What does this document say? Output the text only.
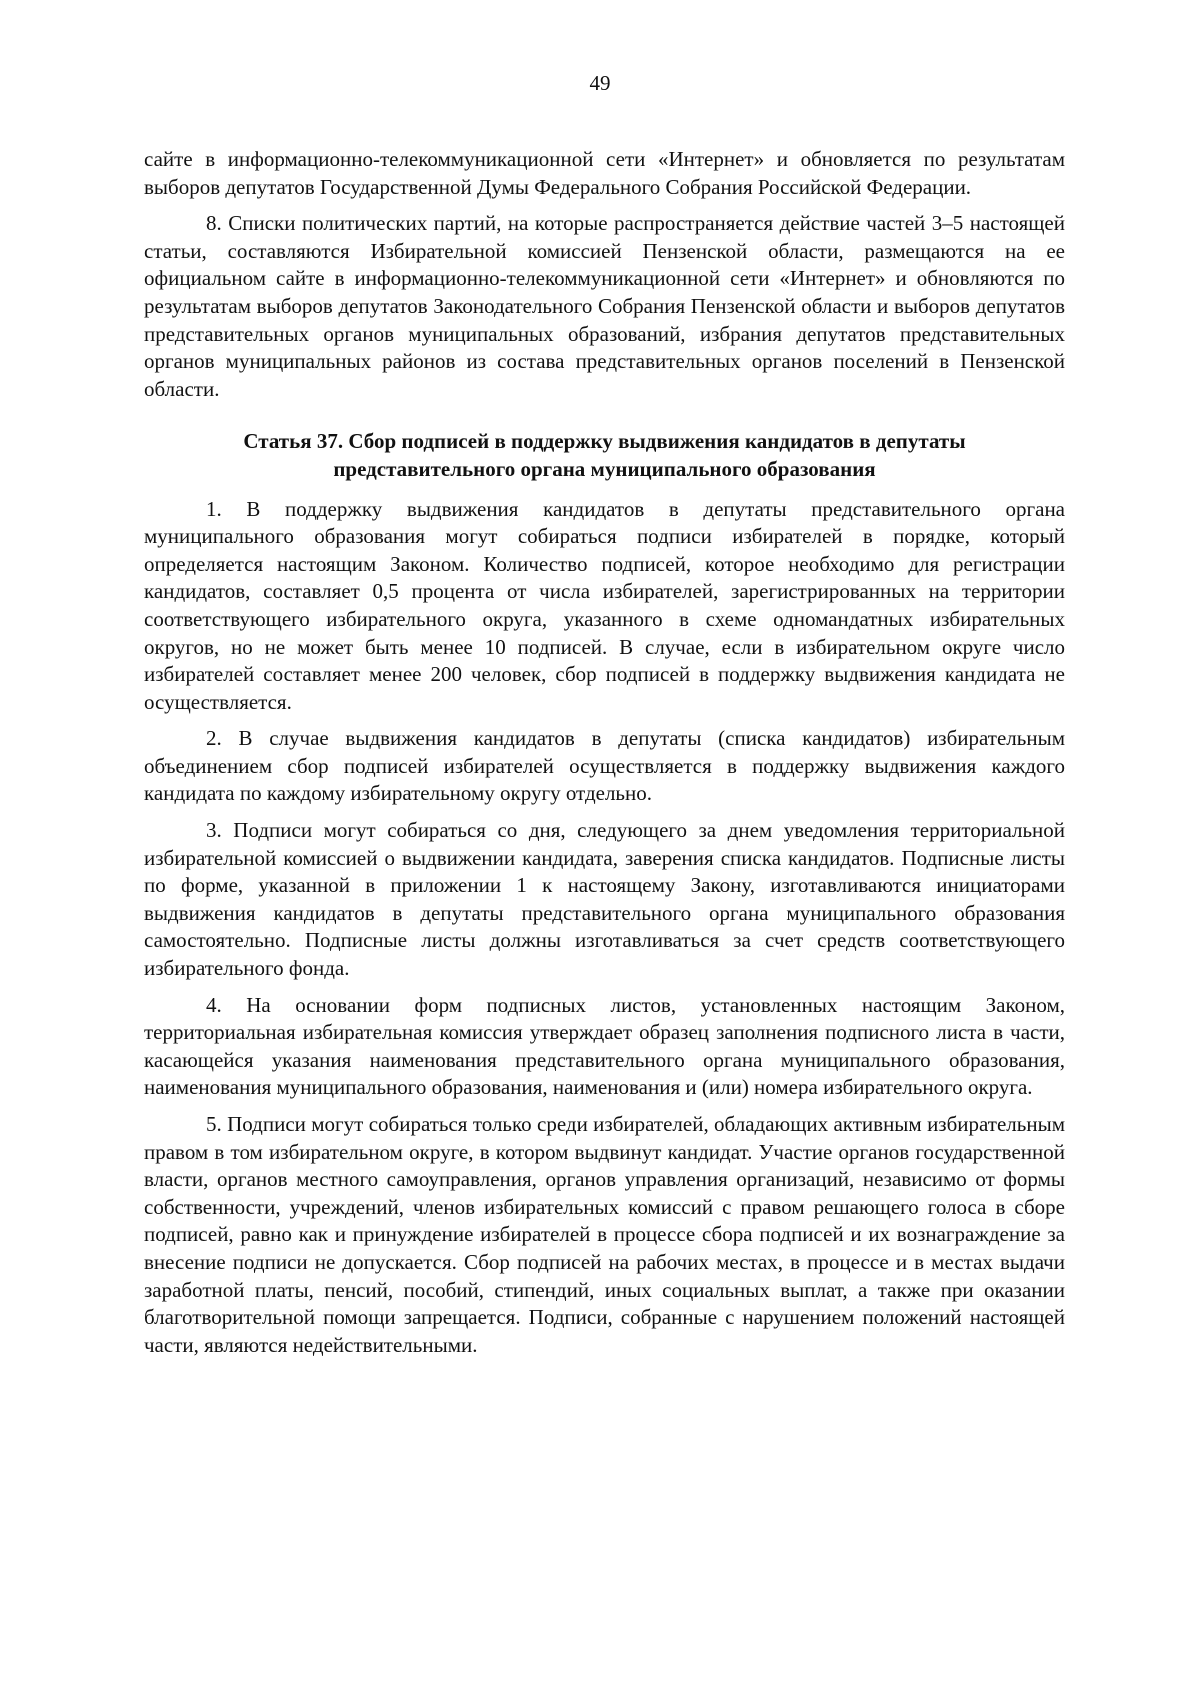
49

сайте в информационно-телекоммуникационной сети «Интернет» и обновляется по результатам выборов депутатов Государственной Думы Федерального Собрания Российской Федерации.

8. Списки политических партий, на которые распространяется действие частей 3–5 настоящей статьи, составляются Избирательной комиссией Пензенской области, размещаются на ее официальном сайте в информационно-телекоммуникационной сети «Интернет» и обновляются по результатам выборов депутатов Законодательного Собрания Пензенской области и выборов депутатов представительных органов муниципальных образований, избрания депутатов представительных органов муниципальных районов из состава представительных органов поселений в Пензенской области.

Статья 37. Сбор подписей в поддержку выдвижения кандидатов в депутаты представительного органа муниципального образования

1. В поддержку выдвижения кандидатов в депутаты представительного органа муниципального образования могут собираться подписи избирателей в порядке, который определяется настоящим Законом. Количество подписей, которое необходимо для регистрации кандидатов, составляет 0,5 процента от числа избирателей, зарегистрированных на территории соответствующего избирательного округа, указанного в схеме одномандатных избирательных округов, но не может быть менее 10 подписей. В случае, если в избирательном округе число избирателей составляет менее 200 человек, сбор подписей в поддержку выдвижения кандидата не осуществляется.

2. В случае выдвижения кандидатов в депутаты (списка кандидатов) избирательным объединением сбор подписей избирателей осуществляется в поддержку выдвижения каждого кандидата по каждому избирательному округу отдельно.

3. Подписи могут собираться со дня, следующего за днем уведомления территориальной избирательной комиссией о выдвижении кандидата, заверения списка кандидатов. Подписные листы по форме, указанной в приложении 1 к настоящему Закону, изготавливаются инициаторами выдвижения кандидатов в депутаты представительного органа муниципального образования самостоятельно. Подписные листы должны изготавливаться за счет средств соответствующего избирательного фонда.

4. На основании форм подписных листов, установленных настоящим Законом, территориальная избирательная комиссия утверждает образец заполнения подписного листа в части, касающейся указания наименования представительного органа муниципального образования, наименования муниципального образования, наименования и (или) номера избирательного округа.

5. Подписи могут собираться только среди избирателей, обладающих активным избирательным правом в том избирательном округе, в котором выдвинут кандидат. Участие органов государственной власти, органов местного самоуправления, органов управления организаций, независимо от формы собственности, учреждений, членов избирательных комиссий с правом решающего голоса в сборе подписей, равно как и принуждение избирателей в процессе сбора подписей и их вознаграждение за внесение подписи не допускается. Сбор подписей на рабочих местах, в процессе и в местах выдачи заработной платы, пенсий, пособий, стипендий, иных социальных выплат, а также при оказании благотворительной помощи запрещается. Подписи, собранные с нарушением положений настоящей части, являются недействительными.
